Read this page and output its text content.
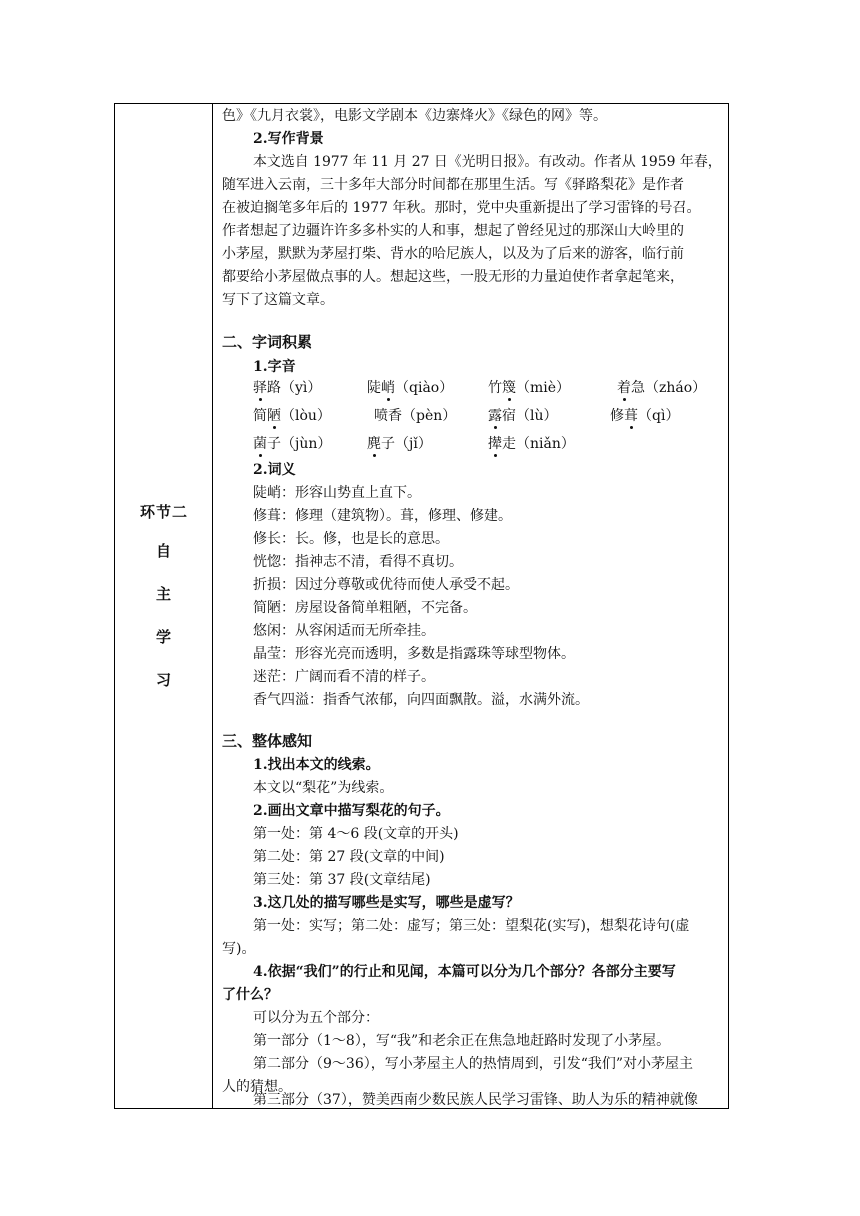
环节二
自
主
学
习
色》《九月衣裳》，电影文学剧本《边寨烽火》《绿色的网》等。
2.写作背景
本文选自 1977 年 11 月 27 日《光明日报》。有改动。作者从 1959 年春，
随军进入云南，三十多年大部分时间都在那里生活。写《驿路梨花》是作者
在被迫搁笔多年后的 1977 年秋。那时，党中央重新提出了学习雷锋的号召。
作者想起了边疆许许多多朴实的人和事，想起了曾经见过的那深山大岭里的
小茅屋，默默为茅屋打柴、背水的哈尼族人，以及为了后来的游客，临行前
都要给小茅屋做点事的人。想起这些，一股无形的力量迫使作者拿起笔来，
写下了这篇文章。
二、字词积累
1.字音
驿路（yì）	陡峭（qiào） 竹篾（miè）	着急（zháo）
简陋（lòu）	喷香（pèn） 露宿（lù）	修葺（qì）
菌子（jùn）	麂子（jǐ）	撵走（niǎn）
2.词义
陡峭：形容山势直上直下。
修葺：修理（建筑物）。葺，修理、修建。
修长：长。修，也是长的意思。
恍惚：指神志不清，看得不真切。
折损：因过分尊敬或优待而使人承受不起。
简陋：房屋设备简单粗陋，不完备。
悠闲：从容闲适而无所牵挂。
晶莹：形容光亮而透明，多数是指露珠等球型物体。
迷茫：广阔而看不清的样子。
香气四溢：指香气浓郁，向四面飘散。溢，水满外流。
三、整体感知
1.找出本文的线索。
本文以“梨花”为线索。
2.画出文章中描写梨花的句子。
第一处：第 4～6 段(文章的开头)
第二处：第 27 段(文章的中间)
第三处：第 37 段(文章结尾)
3.这几处的描写哪些是实写，哪些是虚写？
第一处：实写；第二处：虚写；第三处：望梨花(实写)，想梨花诗句(虚
写)。
4.依据“我们”的行止和见闻，本篇可以分为几个部分？各部分主要写
了什么？
可以分为五个部分：
第一部分（1～8），写“我”和老余正在焦急地赶路时发现了小茅屋。
第二部分（9～36），写小茅屋主人的热情周到，引发“我们”对小茅屋主
人的猜想。
第三部分（37），赞美西南少数民族人民学习雷锋、助人为乐的精神就像
